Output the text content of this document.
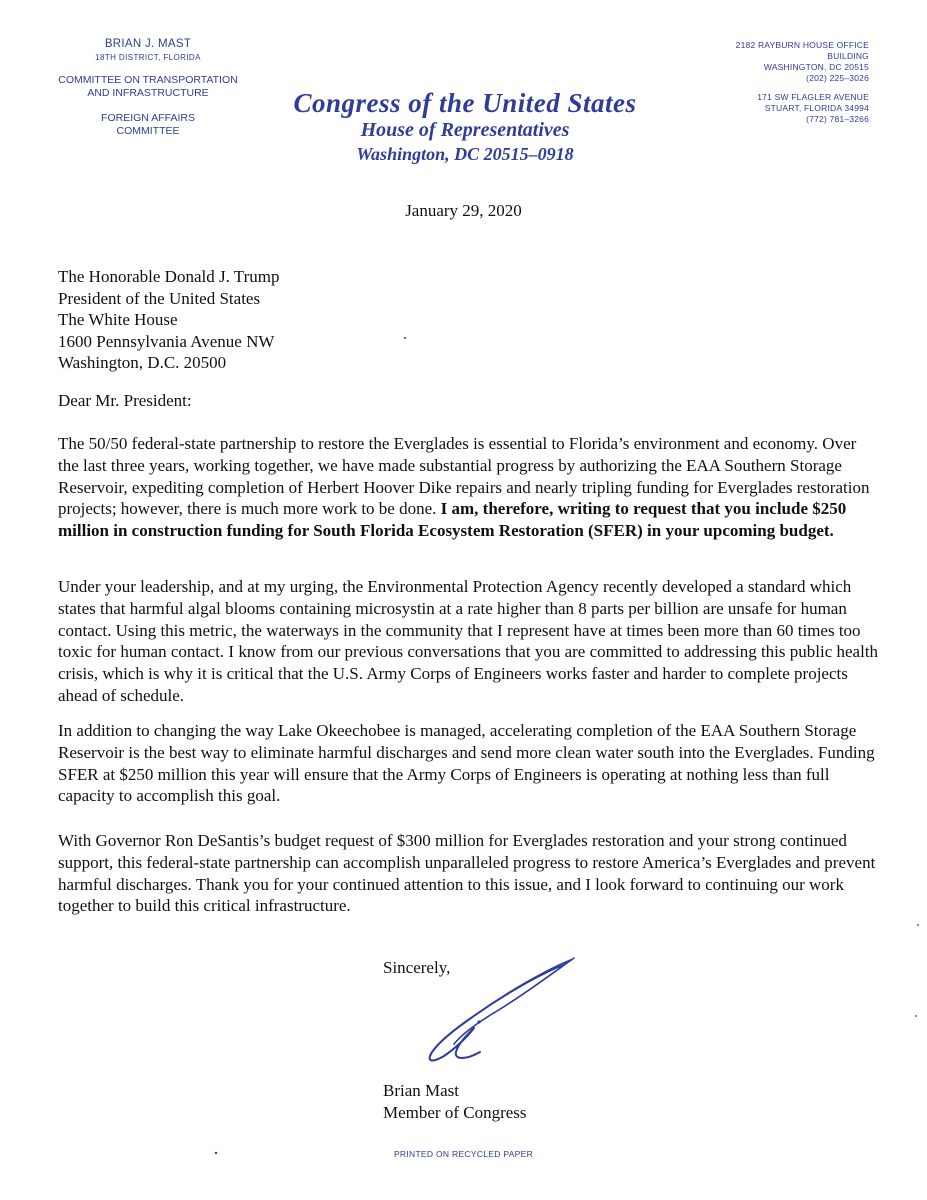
BRIAN J. MAST
18TH DISTRICT, FLORIDA
COMMITTEE ON TRANSPORTATION
AND INFRASTRUCTURE
FOREIGN AFFAIRS
COMMITTEE
Congress of the United States
House of Representatives
Washington, DC 20515–0918
2182 RAYBURN HOUSE OFFICE BUILDING
WASHINGTON, DC 20515
(202) 225–3026
171 SW FLAGLER AVENUE
STUART, FLORIDA 34994
(772) 781–3266
January 29, 2020
The Honorable Donald J. Trump
President of the United States
The White House
1600 Pennsylvania Avenue NW
Washington, D.C. 20500
Dear Mr. President:

The 50/50 federal-state partnership to restore the Everglades is essential to Florida’s environment and economy. Over the last three years, working together, we have made substantial progress by authorizing the EAA Southern Storage Reservoir, expediting completion of Herbert Hoover Dike repairs and nearly tripling funding for Everglades restoration projects; however, there is much more work to be done. I am, therefore, writing to request that you include $250 million in construction funding for South Florida Ecosystem Restoration (SFER) in your upcoming budget.

Under your leadership, and at my urging, the Environmental Protection Agency recently developed a standard which states that harmful algal blooms containing microsystin at a rate higher than 8 parts per billion are unsafe for human contact. Using this metric, the waterways in the community that I represent have at times been more than 60 times too toxic for human contact. I know from our previous conversations that you are committed to addressing this public health crisis, which is why it is critical that the U.S. Army Corps of Engineers works faster and harder to complete projects ahead of schedule.

In addition to changing the way Lake Okeechobee is managed, accelerating completion of the EAA Southern Storage Reservoir is the best way to eliminate harmful discharges and send more clean water south into the Everglades. Funding SFER at $250 million this year will ensure that the Army Corps of Engineers is operating at nothing less than full capacity to accomplish this goal.

With Governor Ron DeSantis’s budget request of $300 million for Everglades restoration and your strong continued support, this federal-state partnership can accomplish unparalleled progress to restore America’s Everglades and prevent harmful discharges. Thank you for your continued attention to this issue, and I look forward to continuing our work together to build this critical infrastructure.

Sincerely,
Brian Mast
Member of Congress
PRINTED ON RECYCLED PAPER
